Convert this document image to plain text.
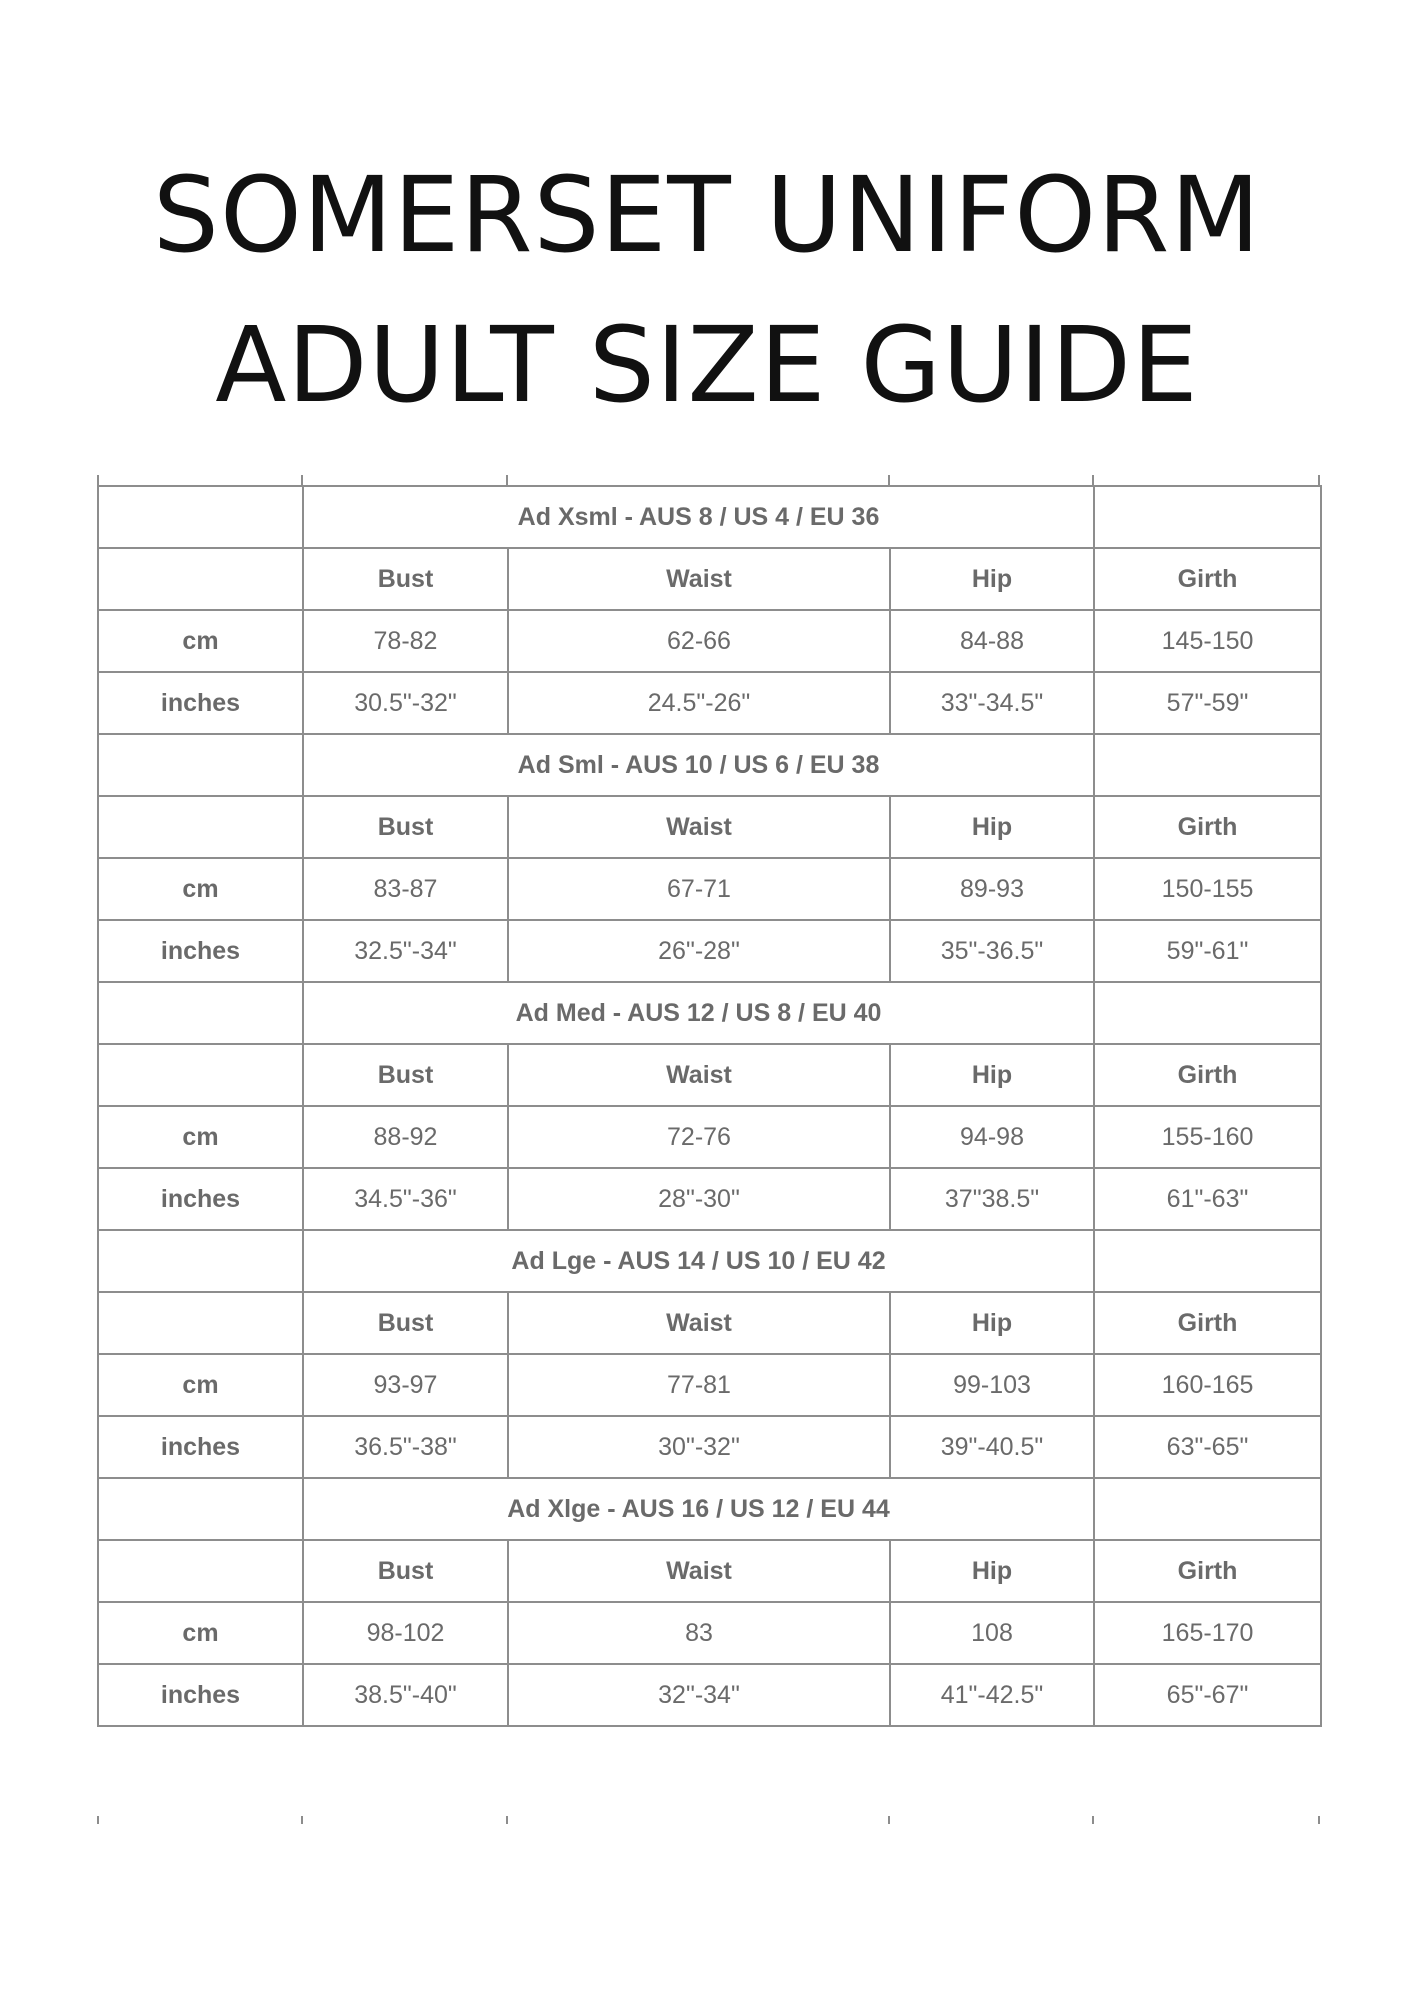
SOMERSET UNIFORM
ADULT SIZE GUIDE
	Ad Xsml - AUS 8 / US 4 / EU 36			
	Bust	Waist	Hip	Girth
cm	78-82	62-66	84-88	145-150
inches	30.5"-32"	24.5"-26"	33"-34.5"	57"-59"
	Ad Sml - AUS 10 / US 6 / EU 38			
	Bust	Waist	Hip	Girth
cm	83-87	67-71	89-93	150-155
inches	32.5"-34"	26"-28"	35"-36.5"	59"-61"
	Ad Med - AUS 12 / US 8 / EU 40			
	Bust	Waist	Hip	Girth
cm	88-92	72-76	94-98	155-160
inches	34.5"-36"	28"-30"	37"38.5"	61"-63"
	Ad Lge - AUS 14 / US 10 / EU 42			
	Bust	Waist	Hip	Girth
cm	93-97	77-81	99-103	160-165
inches	36.5"-38"	30"-32"	39"-40.5"	63"-65"
	Ad Xlge - AUS 16 / US 12 / EU 44			
	Bust	Waist	Hip	Girth
cm	98-102	83	108	165-170
inches	38.5"-40"	32"-34"	41"-42.5"	65"-67"
